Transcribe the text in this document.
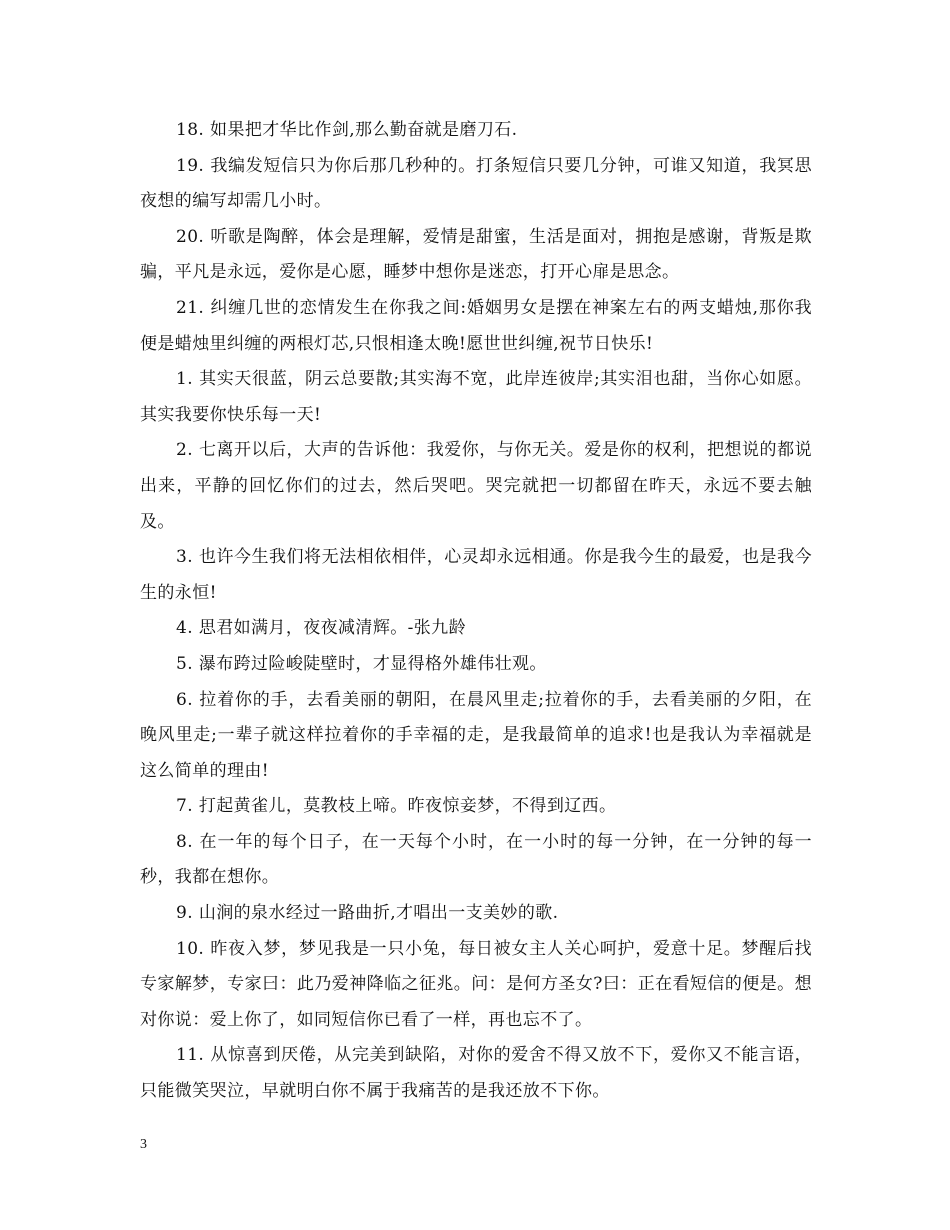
18. 如果把才华比作剑,那么勤奋就是磨刀石.

19. 我编发短信只为你后那几秒种的。打条短信只要几分钟，可谁又知道，我冥思夜想的编写却需几小时。

20. 听歌是陶醉，体会是理解，爱情是甜蜜，生活是面对，拥抱是感谢，背叛是欺骗，平凡是永远，爱你是心愿，睡梦中想你是迷恋，打开心扉是思念。

21. 纠缠几世的恋情发生在你我之间:婚姻男女是摆在神案左右的两支蜡烛,那你我便是蜡烛里纠缠的两根灯芯,只恨相逢太晚!愿世世纠缠,祝节日快乐!

1. 其实天很蓝，阴云总要散;其实海不宽，此岸连彼岸;其实泪也甜，当你心如愿。其实我要你快乐每一天!

2. 七离开以后，大声的告诉他：我爱你，与你无关。爱是你的权利，把想说的都说出来，平静的回忆你们的过去，然后哭吧。哭完就把一切都留在昨天，永远不要去触及。

3. 也许今生我们将无法相依相伴，心灵却永远相通。你是我今生的最爱，也是我今生的永恒!

4. 思君如满月，夜夜减清辉。-张九龄

5. 瀑布跨过险峻陡壁时，才显得格外雄伟壮观。

6. 拉着你的手，去看美丽的朝阳，在晨风里走;拉着你的手，去看美丽的夕阳，在晚风里走;一辈子就这样拉着你的手幸福的走，是我最简单的追求!也是我认为幸福就是这么简单的理由!

7. 打起黄雀儿，莫教枝上啼。昨夜惊妾梦，不得到辽西。

8. 在一年的每个日子，在一天每个小时，在一小时的每一分钟，在一分钟的每一秒，我都在想你。

9. 山涧的泉水经过一路曲折,才唱出一支美妙的歌.

10. 昨夜入梦，梦见我是一只小兔，每日被女主人关心呵护，爱意十足。梦醒后找专家解梦，专家曰：此乃爱神降临之征兆。问：是何方圣女?曰：正在看短信的便是。想对你说：爱上你了，如同短信你已看了一样，再也忘不了。

11. 从惊喜到厌倦，从完美到缺陷，对你的爱舍不得又放不下，爱你又不能言语，只能微笑哭泣，早就明白你不属于我痛苦的是我还放不下你。

3
